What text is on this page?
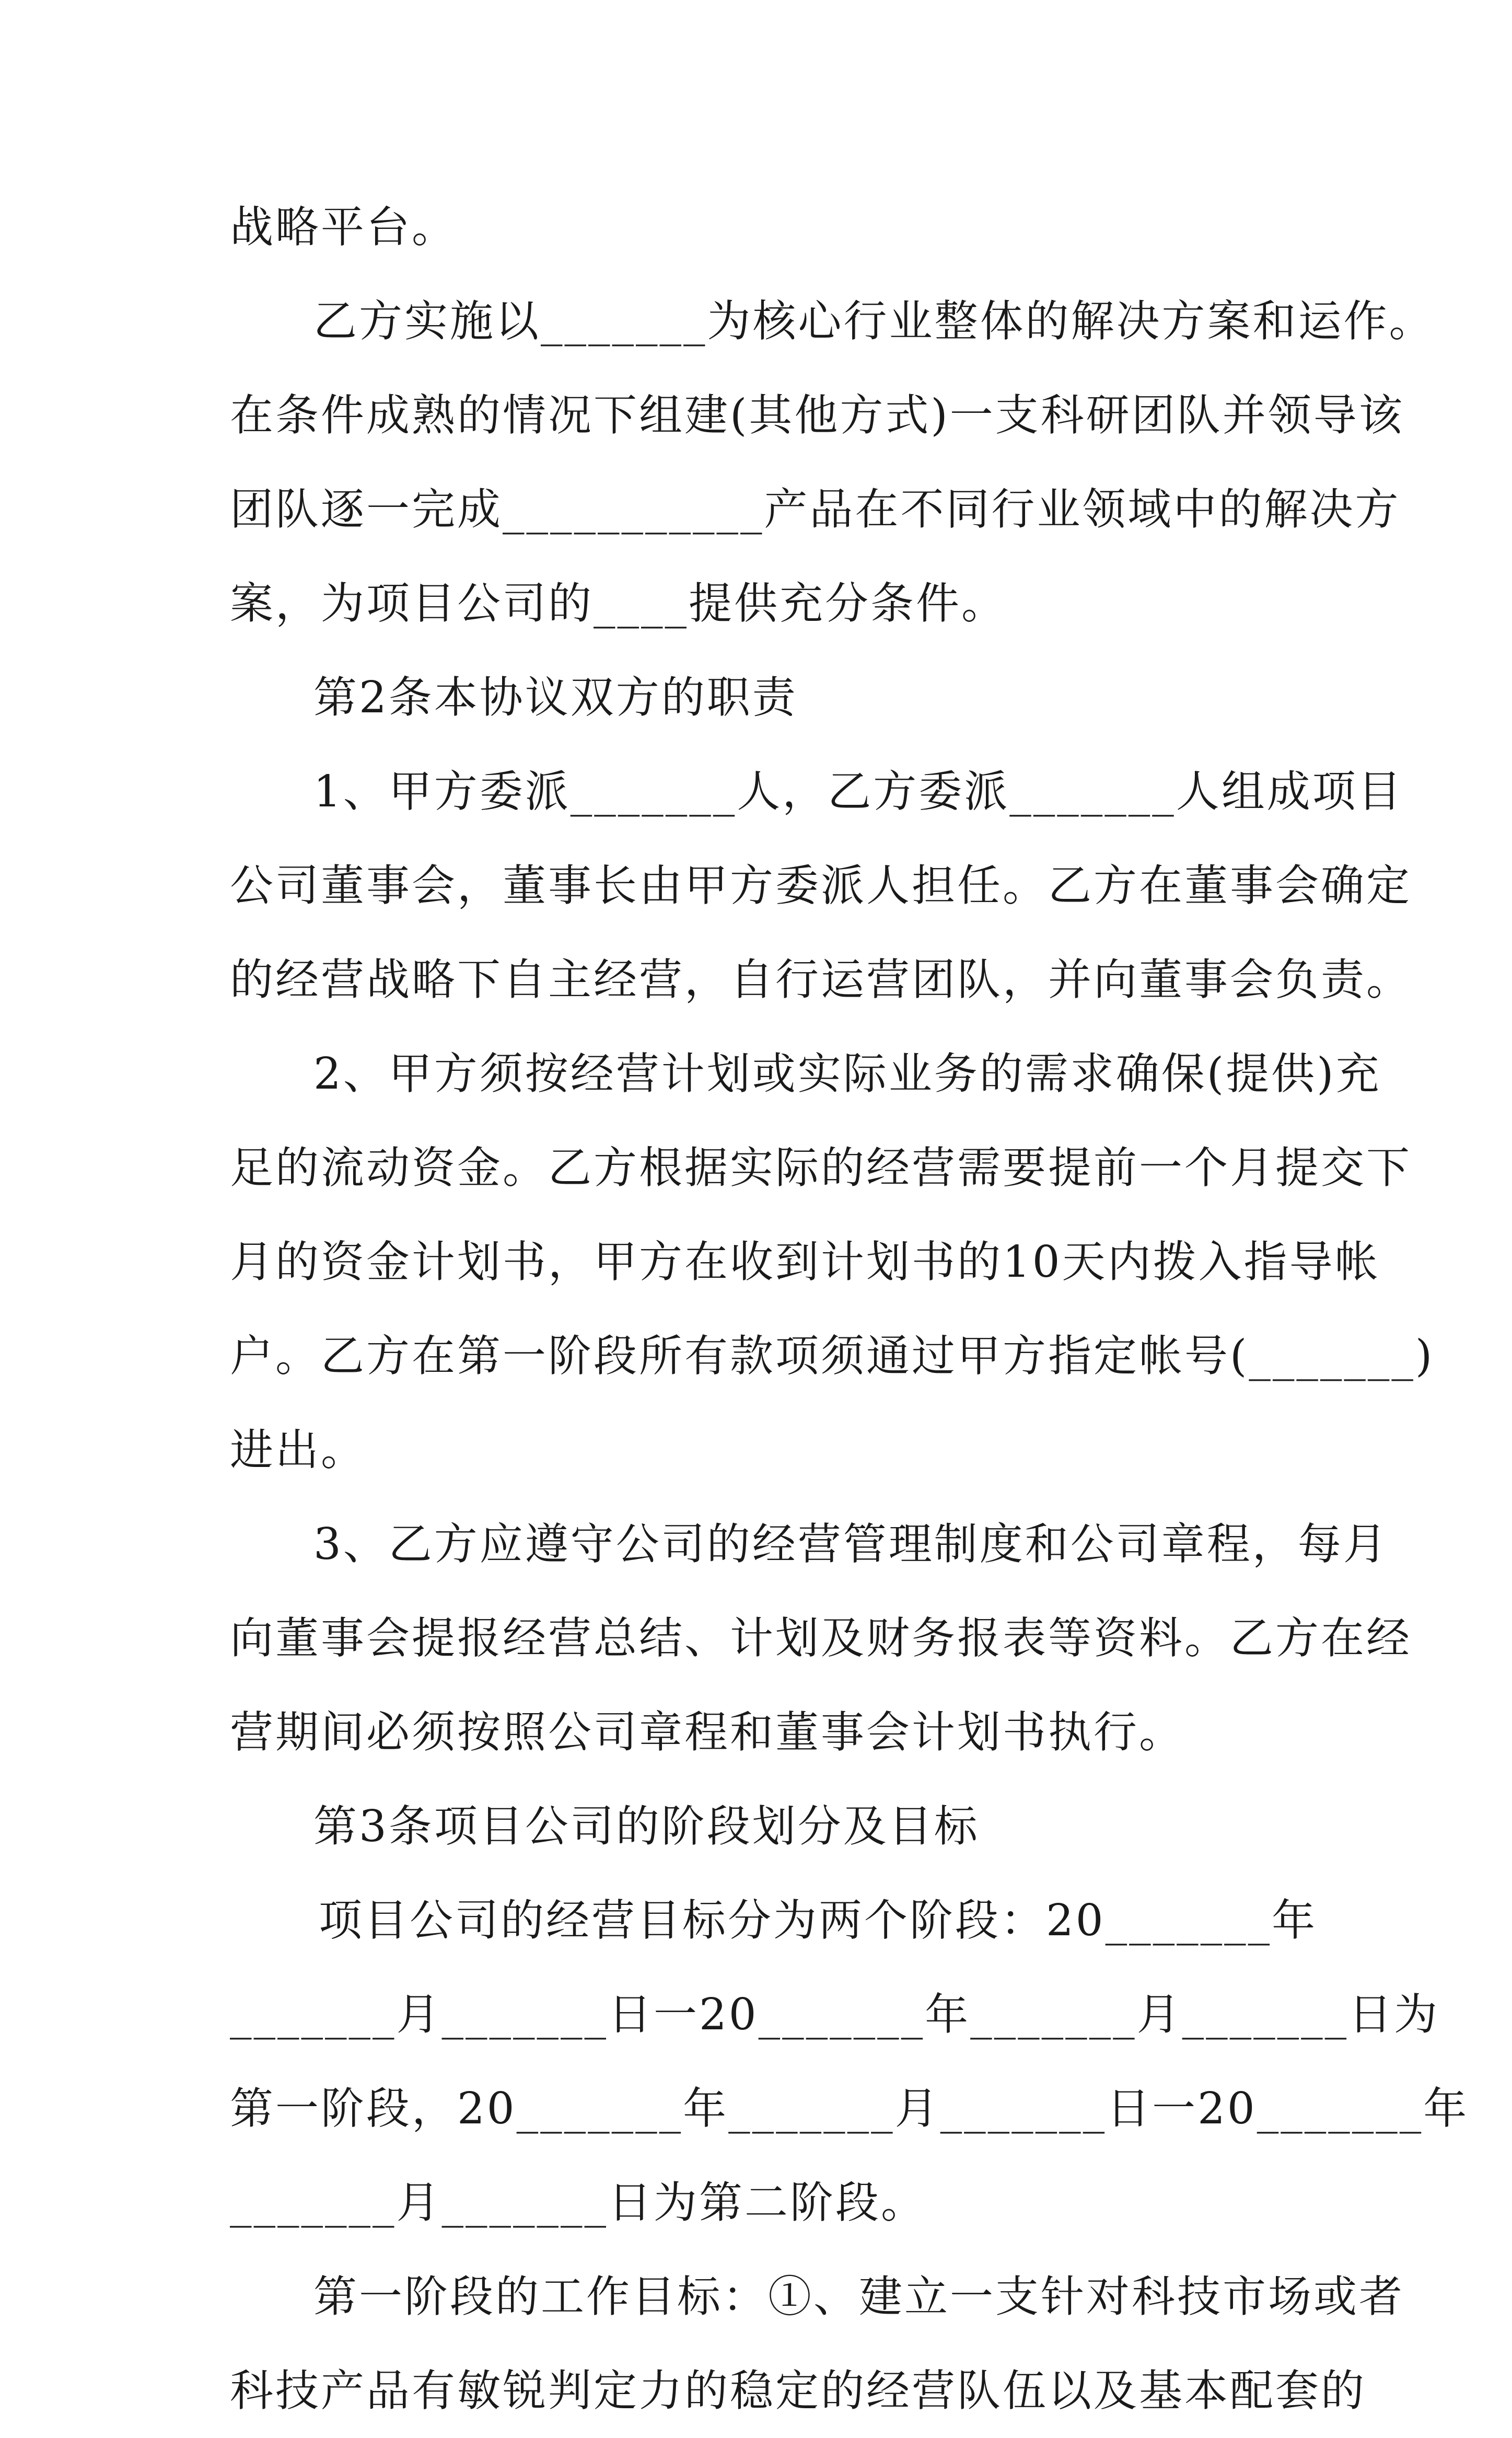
战略平台。
乙方实施以_______为核心行业整体的解决方案和运作。
在条件成熟的情况下组建(其他方式)一支科研团队并领导该
团队逐一完成___________产品在不同行业领域中的解决方
案，为项目公司的____提供充分条件。
第2条本协议双方的职责
1、甲方委派_______人，乙方委派_______人组成项目
公司董事会，董事长由甲方委派人担任。乙方在董事会确定
的经营战略下自主经营，自行运营团队，并向董事会负责。
2、甲方须按经营计划或实际业务的需求确保(提供)充
足的流动资金。乙方根据实际的经营需要提前一个月提交下
月的资金计划书，甲方在收到计划书的10天内拨入指导帐
户。乙方在第一阶段所有款项须通过甲方指定帐号(_______)
进出。
3、乙方应遵守公司的经营管理制度和公司章程，每月
向董事会提报经营总结、计划及财务报表等资料。乙方在经
营期间必须按照公司章程和董事会计划书执行。
第3条项目公司的阶段划分及目标
项目公司的经营目标分为两个阶段：20_______年
_______月_______日一20_______年_______月_______日为
第一阶段，20_______年_______月_______日一20_______年
_______月_______日为第二阶段。
第一阶段的工作目标：①、建立一支针对科技市场或者
科技产品有敏锐判定力的稳定的经营队伍以及基本配套的
